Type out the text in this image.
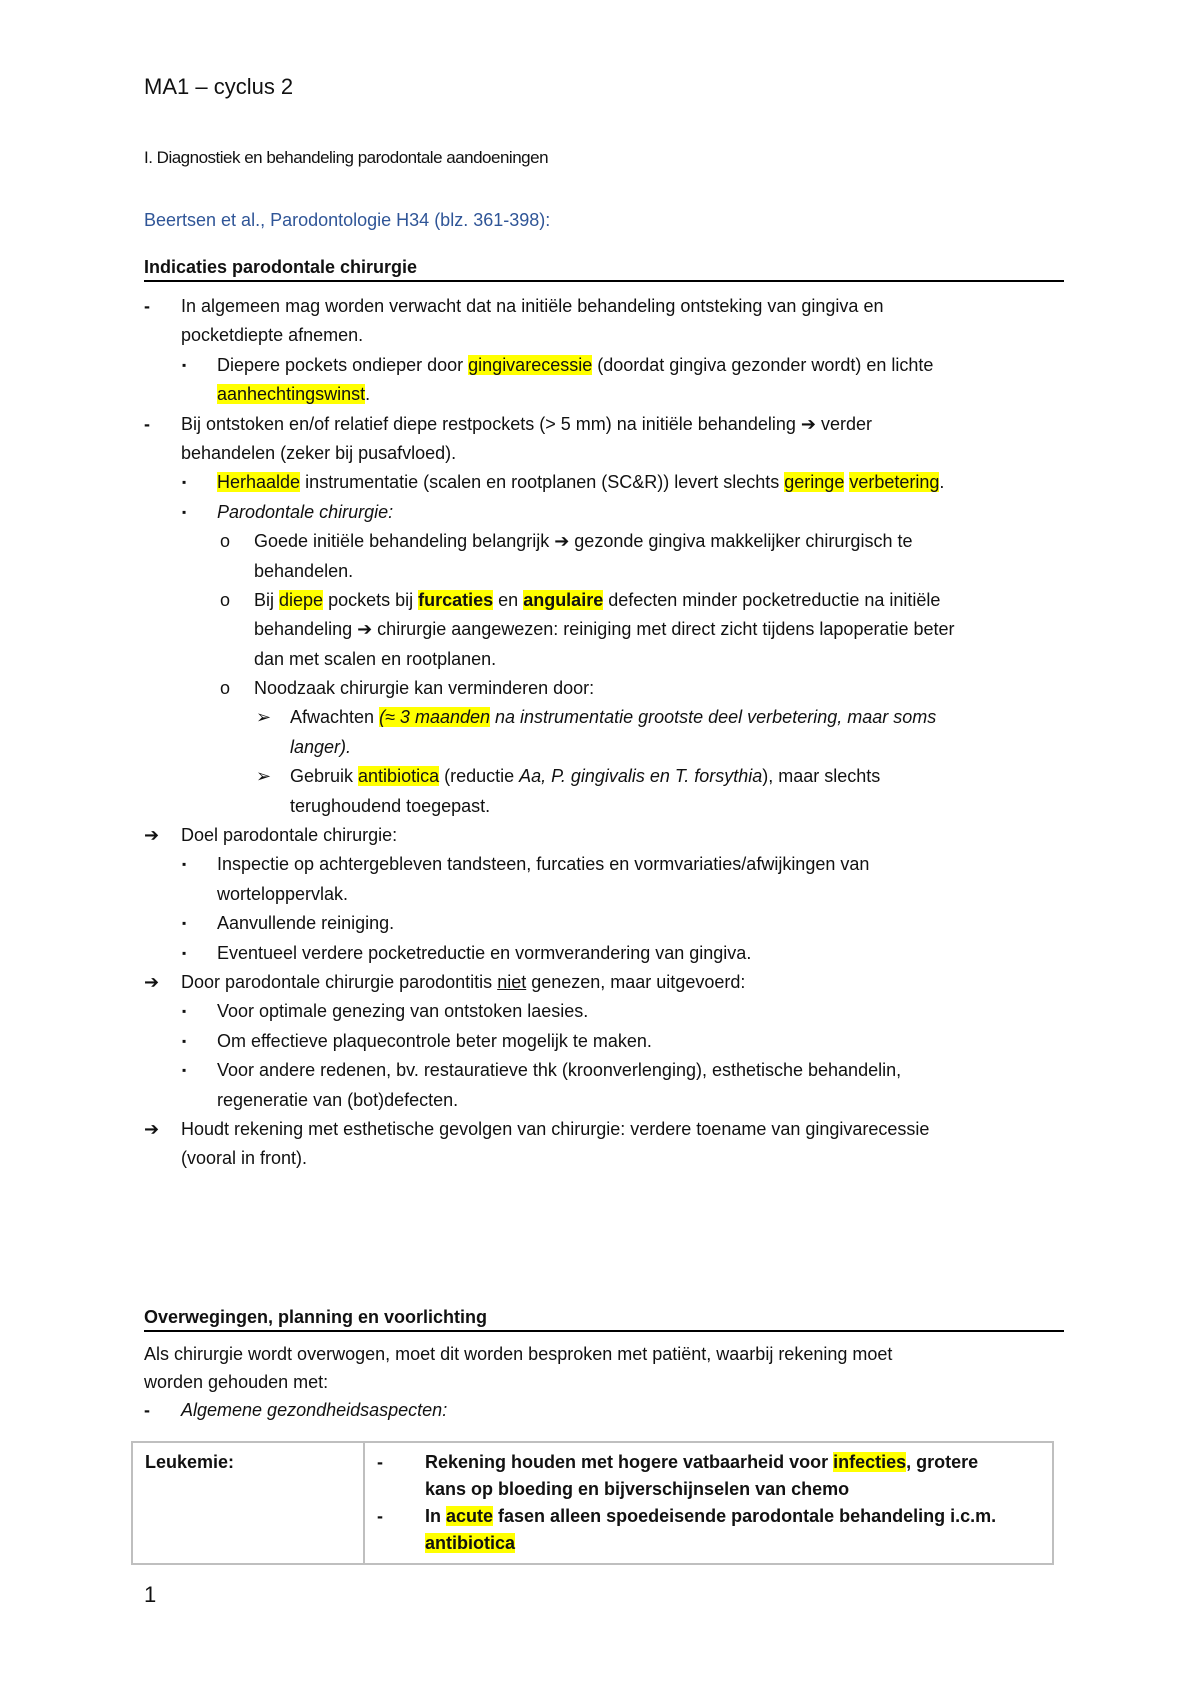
MA1 – cyclus 2
I. Diagnostiek en behandeling parodontale aandoeningen
Beertsen et al., Parodontologie H34 (blz. 361-398):
Indicaties parodontale chirurgie
- In algemeen mag worden verwacht dat na initiële behandeling ontsteking van gingiva en
pocketdiepte afnemen.
▪ Diepere pockets ondieper door gingivarecessie (doordat gingiva gezonder wordt) en lichte
aanhechtingswinst.
- Bij ontstoken en/of relatief diepe restpockets (> 5 mm) na initiële behandeling ➔ verder
behandelen (zeker bij pusafvloed).
▪ Herhaalde instrumentatie (scalen en rootplanen (SC&R)) levert slechts geringe verbetering.
▪ Parodontale chirurgie:
o Goede initiële behandeling belangrijk ➔ gezonde gingiva makkelijker chirurgisch te
behandelen.
o Bij diepe pockets bij furcaties en angulaire defecten minder pocketreductie na initiële
behandeling ➔ chirurgie aangewezen: reiniging met direct zicht tijdens lapoperatie beter
dan met scalen en rootplanen.
o Noodzaak chirurgie kan verminderen door:
➢ Afwachten (≈ 3 maanden na instrumentatie grootste deel verbetering, maar soms
langer).
➢ Gebruik antibiotica (reductie Aa, P. gingivalis en T. forsythia), maar slechts
terughoudend toegepast.
➔ Doel parodontale chirurgie:
▪ Inspectie op achtergebleven tandsteen, furcaties en vormvariaties/afwijkingen van
worteloppervlak.
▪ Aanvullende reiniging.
▪ Eventueel verdere pocketreductie en vormverandering van gingiva.
➔ Door parodontale chirurgie parodontitis niet genezen, maar uitgevoerd:
▪ Voor optimale genezing van ontstoken laesies.
▪ Om effectieve plaquecontrole beter mogelijk te maken.
▪ Voor andere redenen, bv. restauratieve thk (kroonverlenging), esthetische behandelin,
regeneratie van (bot)defecten.
➔ Houdt rekening met esthetische gevolgen van chirurgie: verdere toename van gingivarecessie
(vooral in front).
Overwegingen, planning en voorlichting
Als chirurgie wordt overwogen, moet dit worden besproken met patiënt, waarbij rekening moet
worden gehouden met:
- Algemene gezondheidsaspecten:
Leukemie:	- Rekening houden met hogere vatbaarheid voor infecties, grotere
kans op bloeding en bijverschijnselen van chemo
- In acute fasen alleen spoedeisende parodontale behandeling i.c.m.
antibiotica
1
